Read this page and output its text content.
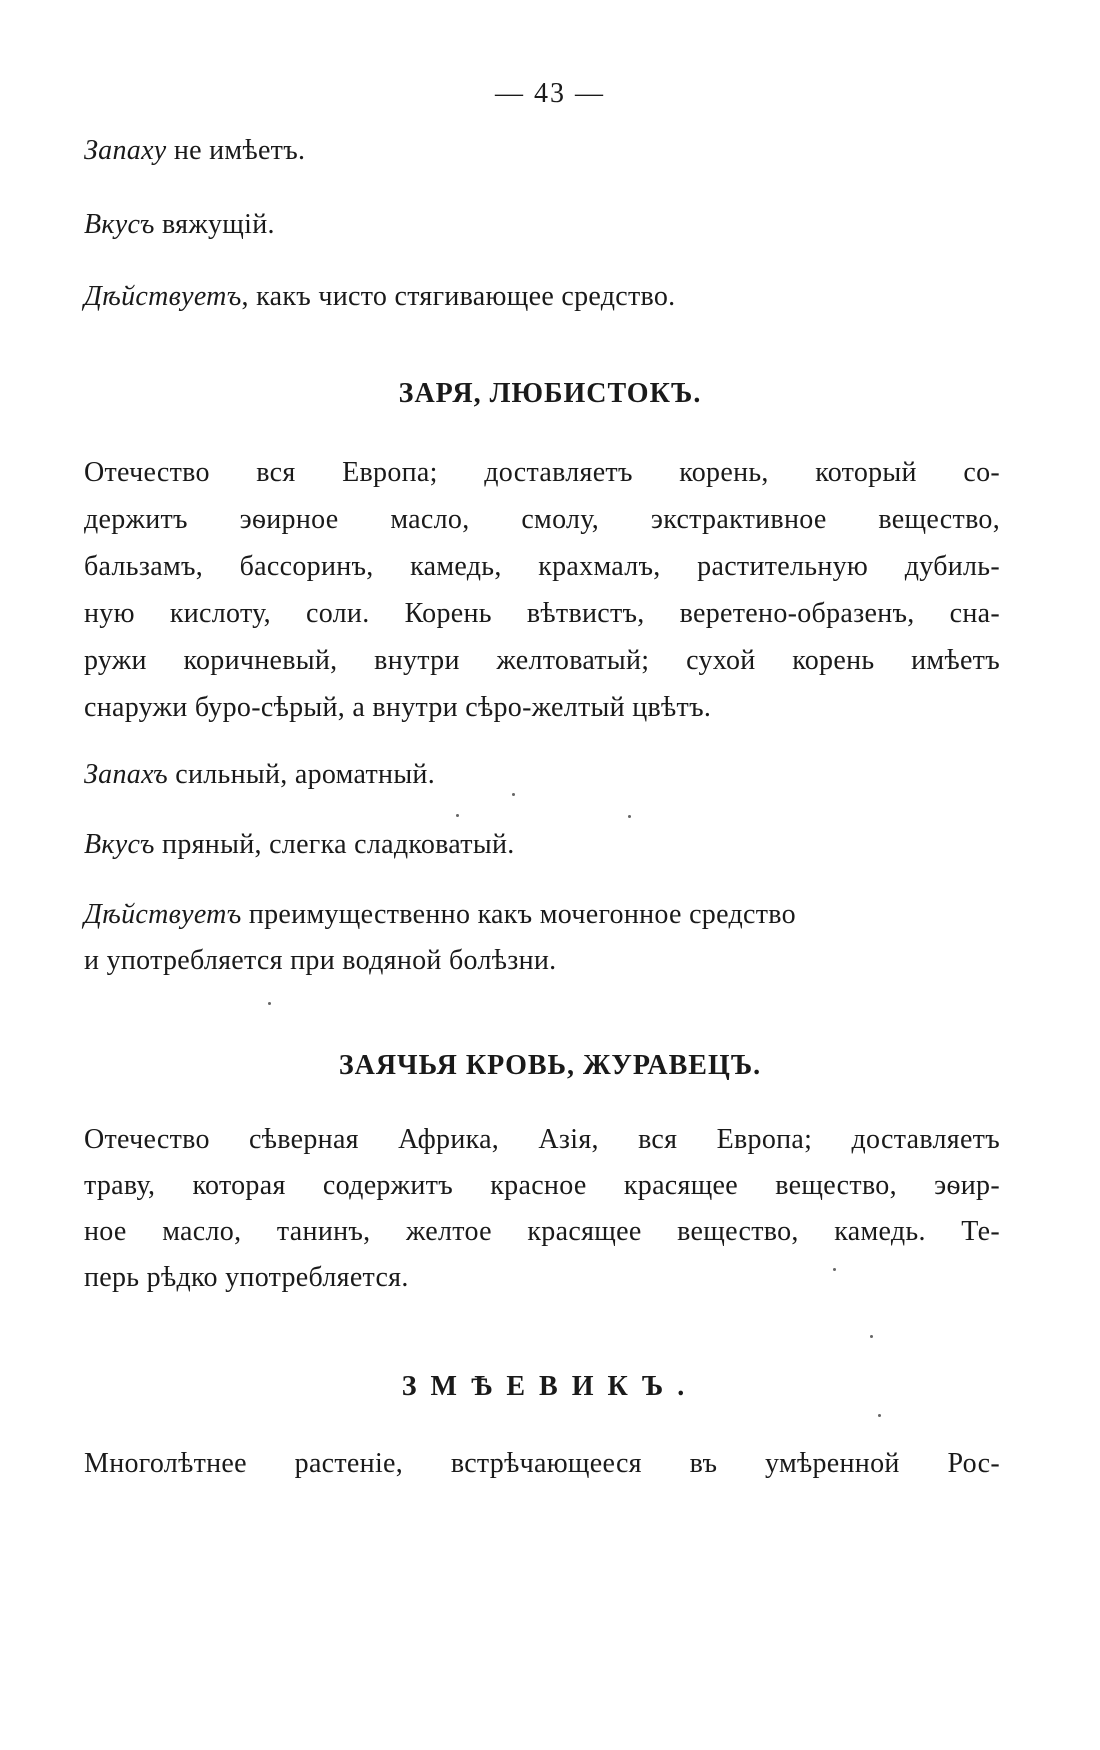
— 43 —
Запаху не имѣетъ.
Вкусъ вяжущій.
Дѣйствуетъ, какъ чисто стягивающее средство.
ЗАРЯ, ЛЮБИСТОКЪ.
Отечество вся Европа; доставляетъ корень, который со-
держитъ эѳирное масло, смолу, экстрактивное вещество,
бальзамъ, бассоринъ, камедь, крахмалъ, растительную дубиль-
ную кислоту, соли. Корень вѣтвистъ, веретено-образенъ, сна-
ружи коричневый, внутри желтоватый; сухой корень имѣетъ
снаружи буро-сѣрый, а внутри сѣро-желтый цвѣтъ.
Запахъ сильный, ароматный.
Вкусъ пряный, слегка сладковатый.
Дѣйствуетъ преимущественно какъ мочегонное средство
и употребляется при водяной болѣзни.
ЗАЯЧЬЯ КРОВЬ, ЖУРАВЕЦЪ.
Отечество сѣверная Африка, Азія, вся Европа; доставляетъ
траву, которая содержитъ красное красящее вещество, эѳир-
ное масло, танинъ, желтое красящее вещество, камедь. Те-
перь рѣдко употребляется.
ЗМѢЕВИКЪ.
Многолѣтнее растеніе, встрѣчающееся въ умѣренной Рос-
